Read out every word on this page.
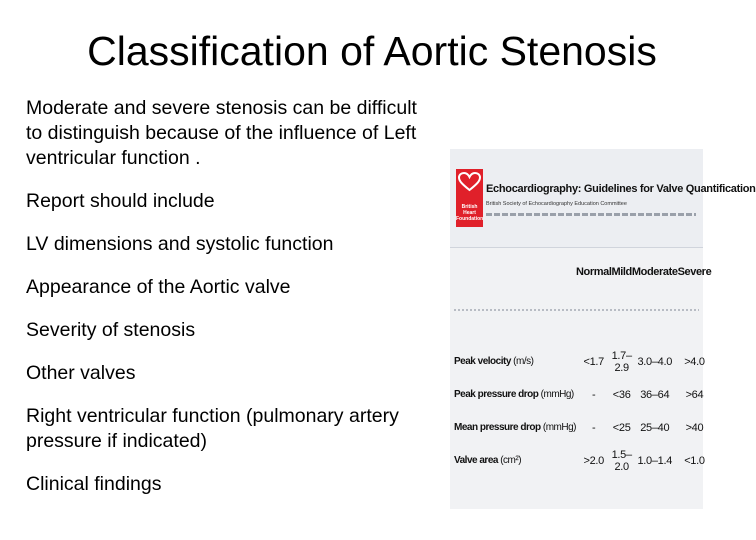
Classification of Aortic Stenosis
Moderate and severe stenosis can be difficult to distinguish because of the influence of Left ventricular function .
Report should include
LV dimensions and systolic function
Appearance of the Aortic valve
Severity of stenosis
Other valves
Right ventricular function (pulmonary artery pressure if indicated)
Clinical findings
British Heart Foundation
Echocardiography: Guidelines for Valve Quantification
British Society of Echocardiography Education Committee
	Normal	Mild	Moderate	Severe

Peak velocity (m/s)	<1.7	1.7–2.9	3.0–4.0	>4.0
Peak pressure drop (mmHg)	-	<36	36–64	>64
Mean pressure drop (mmHg)	-	<25	25–40	>40
Valve area (cm²)	>2.0	1.5–2.0	1.0–1.4	<1.0
